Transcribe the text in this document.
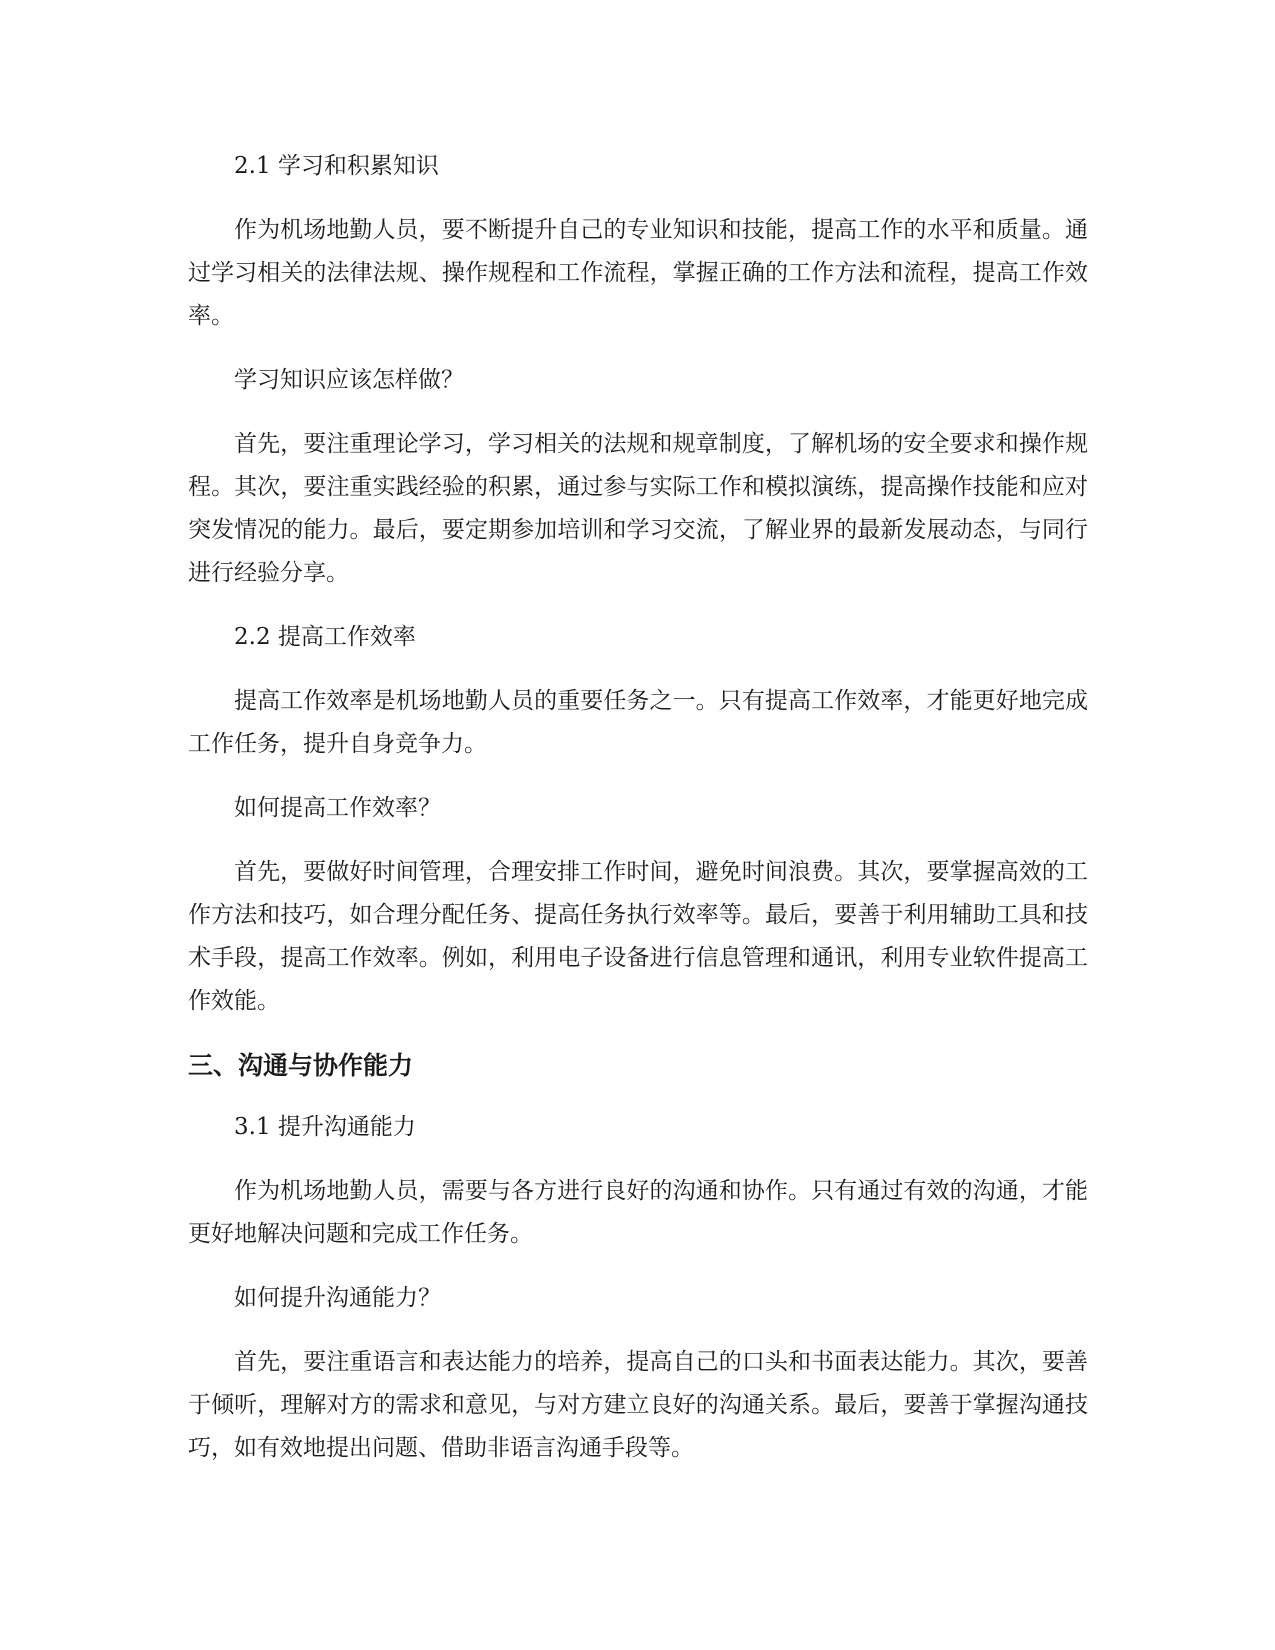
2.1 学习和积累知识
作为机场地勤人员，要不断提升自己的专业知识和技能，提高工作的水平和质量。通过学习相关的法律法规、操作规程和工作流程，掌握正确的工作方法和流程，提高工作效率。
学习知识应该怎样做？
首先，要注重理论学习，学习相关的法规和规章制度，了解机场的安全要求和操作规程。其次，要注重实践经验的积累，通过参与实际工作和模拟演练，提高操作技能和应对突发情况的能力。最后，要定期参加培训和学习交流，了解业界的最新发展动态，与同行进行经验分享。
2.2 提高工作效率
提高工作效率是机场地勤人员的重要任务之一。只有提高工作效率，才能更好地完成工作任务，提升自身竞争力。
如何提高工作效率？
首先，要做好时间管理，合理安排工作时间，避免时间浪费。其次，要掌握高效的工作方法和技巧，如合理分配任务、提高任务执行效率等。最后，要善于利用辅助工具和技术手段，提高工作效率。例如，利用电子设备进行信息管理和通讯，利用专业软件提高工作效能。
三、沟通与协作能力
3.1 提升沟通能力
作为机场地勤人员，需要与各方进行良好的沟通和协作。只有通过有效的沟通，才能更好地解决问题和完成工作任务。
如何提升沟通能力？
首先，要注重语言和表达能力的培养，提高自己的口头和书面表达能力。其次，要善于倾听，理解对方的需求和意见，与对方建立良好的沟通关系。最后，要善于掌握沟通技巧，如有效地提出问题、借助非语言沟通手段等。
